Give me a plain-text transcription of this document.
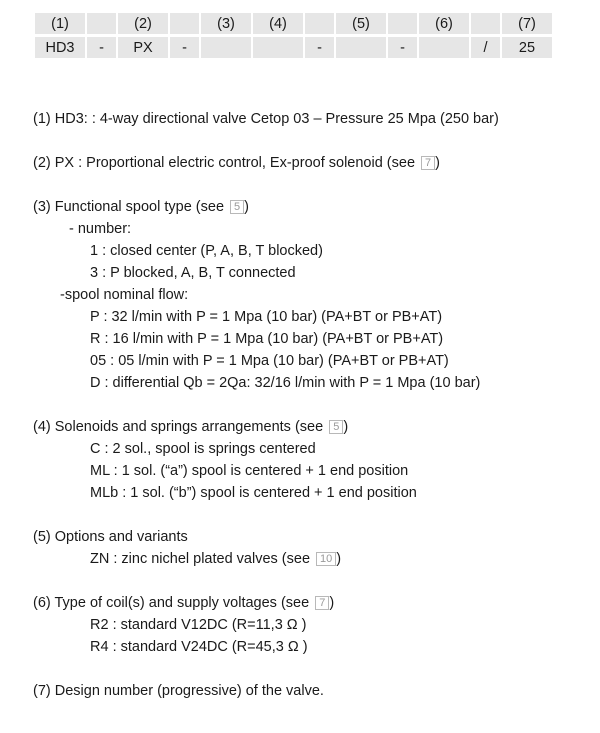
(1)		(2)		(3)	(4)		(5)		(6)		(7)
HD3	-	PX	-			-		-		/	25
(1) HD3: : 4-way directional valve Cetop 03 – Pressure 25 Mpa (250 bar)
(2) PX : Proportional electric control, Ex-proof solenoid (see 7 )
(3) Functional spool type (see 5 )
- number:
1 : closed center (P, A, B, T blocked)
3 : P blocked, A, B, T connected
-spool nominal flow:
P : 32 l/min with P = 1 Mpa (10 bar) (PA+BT or PB+AT)
R : 16 l/min with P = 1 Mpa (10 bar) (PA+BT or PB+AT)
05 : 05 l/min with P = 1 Mpa (10 bar) (PA+BT or PB+AT)
D : differential Qb = 2Qa: 32/16 l/min with P = 1 Mpa (10 bar)
(4) Solenoids and springs arrangements (see 5 )
C : 2 sol., spool is springs centered
ML : 1 sol. (“a”) spool is centered + 1 end position
MLb : 1 sol. (“b”) spool is centered + 1 end position
(5) Options and variants
ZN : zinc nichel plated valves (see 10 )
(6) Type of coil(s) and supply voltages (see 7 )
R2 : standard V12DC (R=11,3 Ω )
R4 : standard V24DC (R=45,3 Ω )
(7) Design number (progressive) of the valve.
